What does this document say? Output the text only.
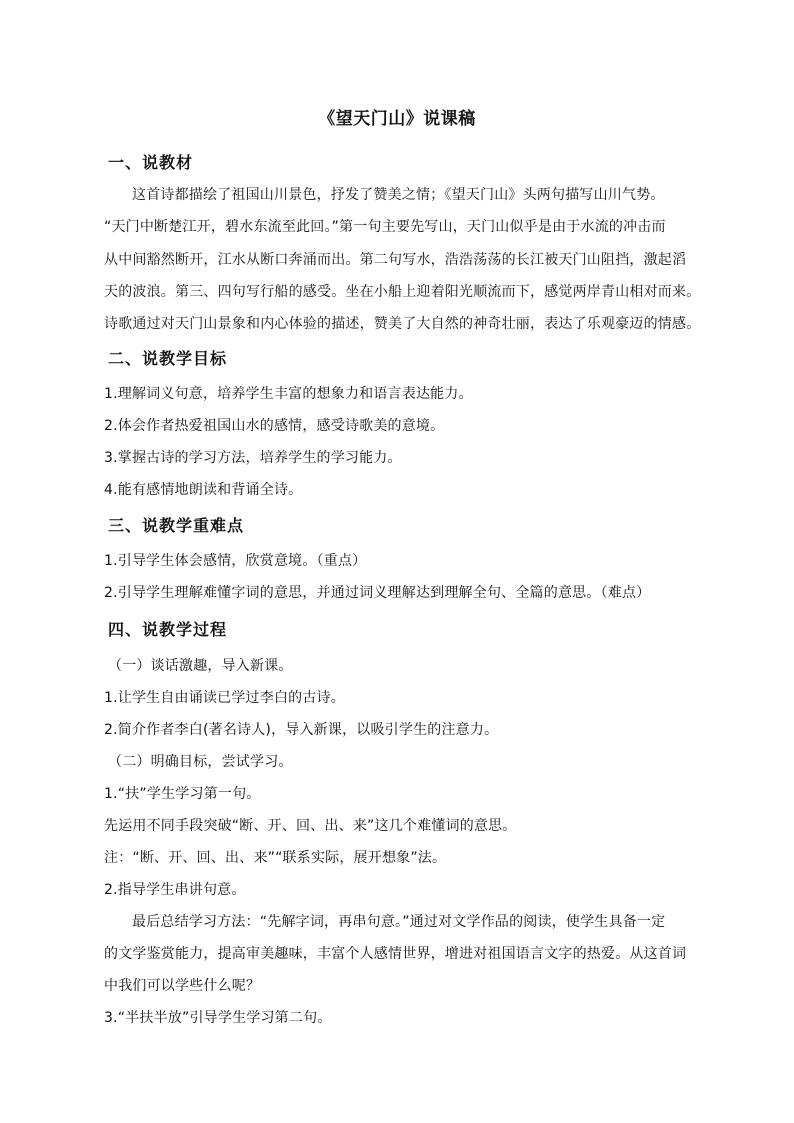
《望天门山》说课稿
一、说教材
这首诗都描绘了祖国山川景色，抒发了赞美之情；《望天门山》头两句描写山川气势。
“天门中断楚江开，碧水东流至此回。”第一句主要先写山，天门山似乎是由于水流的冲击而
从中间豁然断开，江水从断口奔涌而出。第二句写水，浩浩荡荡的长江被天门山阻挡，激起滔
天的波浪。第三、四句写行船的感受。坐在小船上迎着阳光顺流而下，感觉两岸青山相对而来。
诗歌通过对天门山景象和内心体验的描述，赞美了大自然的神奇壮丽，表达了乐观豪迈的情感。
二、说教学目标
1.理解词义句意，培养学生丰富的想象力和语言表达能力。
2.体会作者热爱祖国山水的感情，感受诗歌美的意境。
3.掌握古诗的学习方法，培养学生的学习能力。
4.能有感情地朗读和背诵全诗。
三、说教学重难点
1.引导学生体会感情，欣赏意境。（重点）
2.引导学生理解难懂字词的意思，并通过词义理解达到理解全句、全篇的意思。（难点）
四、说教学过程
（一）谈话激趣，导入新课。
1.让学生自由诵读已学过李白的古诗。
2.简介作者李白(著名诗人)，导入新课，以吸引学生的注意力。
（二）明确目标，尝试学习。
1.“扶”学生学习第一句。
先运用不同手段突破“断、开、回、出、来”这几个难懂词的意思。
注：“断、开、回、出、来”“联系实际，展开想象”法。
2.指导学生串讲句意。
最后总结学习方法：“先解字词，再串句意。”通过对文学作品的阅读，使学生具备一定
的文学鉴赏能力，提高审美趣味，丰富个人感情世界，增进对祖国语言文字的热爱。从这首词
中我们可以学些什么呢？
3.“半扶半放”引导学生学习第二句。
